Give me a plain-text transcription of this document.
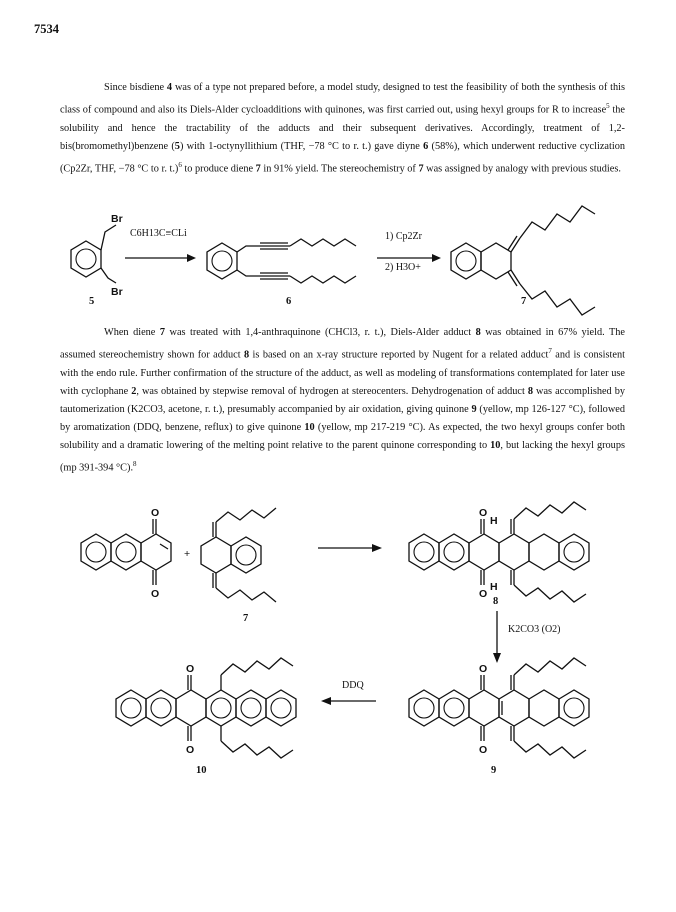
7534

Since bisdiene 4 was of a type not prepared before, a model study, designed to test the feasibility of both the synthesis of this class of compound and also its Diels-Alder cycloadditions with quinones, was first carried out, using hexyl groups for R to increase$^5$ the solubility and hence the tractability of the adducts and their subsequent derivatives. Accordingly, treatment of 1,2-bis(bromomethyl)benzene (5) with 1-octynyllithium (THF, −78 °C to r. t.) gave diyne 6 (58%), which underwent reductive cyclization (Cp2Zr, THF, −78 °C to r. t.)$^6$ to produce diene 7 in 91% yield. The stereochemistry of 7 was assigned by analogy with previous studies.

Br
Br
C6H13C≡CLi	1) Cp2Zr
2) H3O+
5	6	7

When diene 7 was treated with 1,4-anthraquinone (CHCl3, r. t.), Diels-Alder adduct 8 was obtained in 67% yield. The assumed stereochemistry shown for adduct 8 is based on an x-ray structure reported by Nugent for a related adduct$^7$ and is consistent with the endo rule. Further confirmation of the structure of the adduct, as well as modeling of transformations contemplated for later use with cyclophane 2, was obtained by stepwise removal of hydrogen at stereocenters. Dehydrogenation of adduct 8 was accomplished by tautomerization (K2CO3, acetone, r. t.), presumably accompanied by air oxidation, giving quinone 9 (yellow, mp 126-127 °C), followed by aromatization (DDQ, benzene, reflux) to give quinone 10 (yellow, mp 217-219 °C). As expected, the two hexyl groups confer both solubility and a dramatic lowering of the melting point relative to the parent quinone corresponding to 10, but lacking the hexyl groups (mp 391-394 °C).$^8$

O
O
+
O
O
H
H
O
O
O
O
K2CO3 (O2)
DDQ
7
8
9
10
